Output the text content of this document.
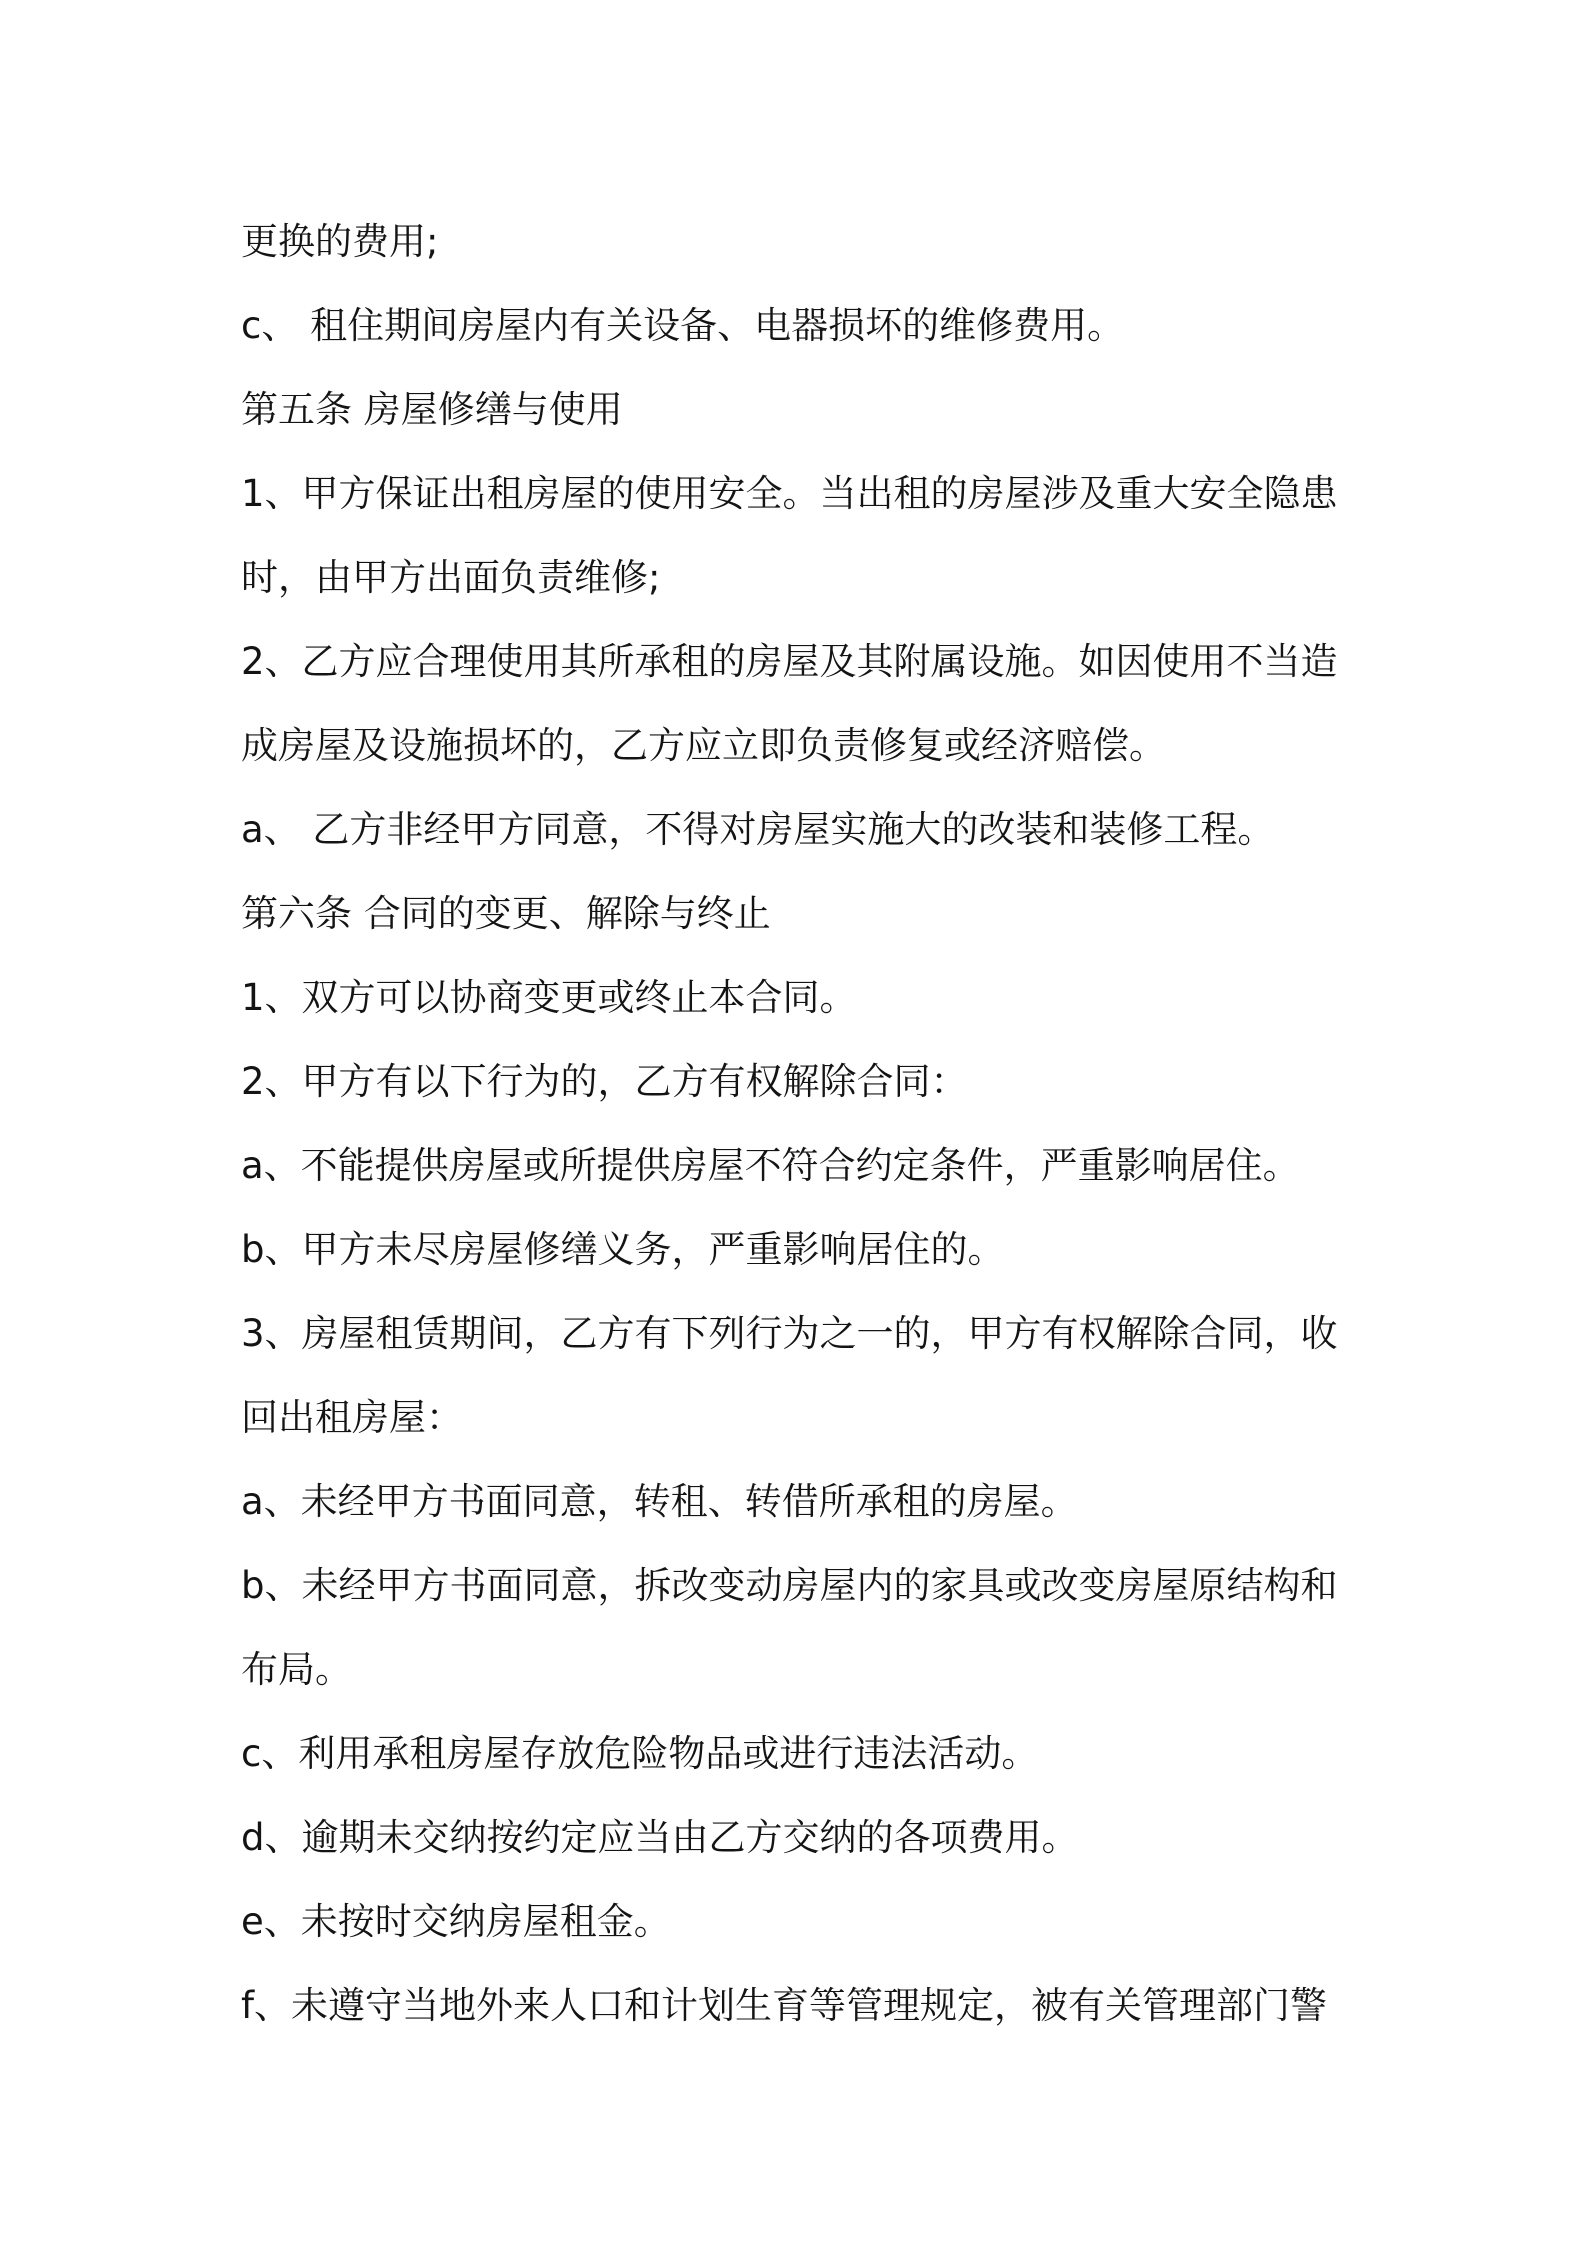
更换的费用;
c、 租住期间房屋内有关设备、电器损坏的维修费用。
第五条 房屋修缮与使用
1、甲方保证出租房屋的使用安全。当出租的房屋涉及重大安全隐患
时，由甲方出面负责维修;
2、乙方应合理使用其所承租的房屋及其附属设施。如因使用不当造
成房屋及设施损坏的，乙方应立即负责修复或经济赔偿。
a、 乙方非经甲方同意，不得对房屋实施大的改装和装修工程。
第六条 合同的变更、解除与终止
1、双方可以协商变更或终止本合同。
2、甲方有以下行为的，乙方有权解除合同：
a、不能提供房屋或所提供房屋不符合约定条件，严重影响居住。
b、甲方未尽房屋修缮义务，严重影响居住的。
3、房屋租赁期间，乙方有下列行为之一的，甲方有权解除合同，收
回出租房屋：
a、未经甲方书面同意，转租、转借所承租的房屋。
b、未经甲方书面同意，拆改变动房屋内的家具或改变房屋原结构和
布局。
c、利用承租房屋存放危险物品或进行违法活动。
d、逾期未交纳按约定应当由乙方交纳的各项费用。
e、未按时交纳房屋租金。
f、未遵守当地外来人口和计划生育等管理规定，被有关管理部门警
